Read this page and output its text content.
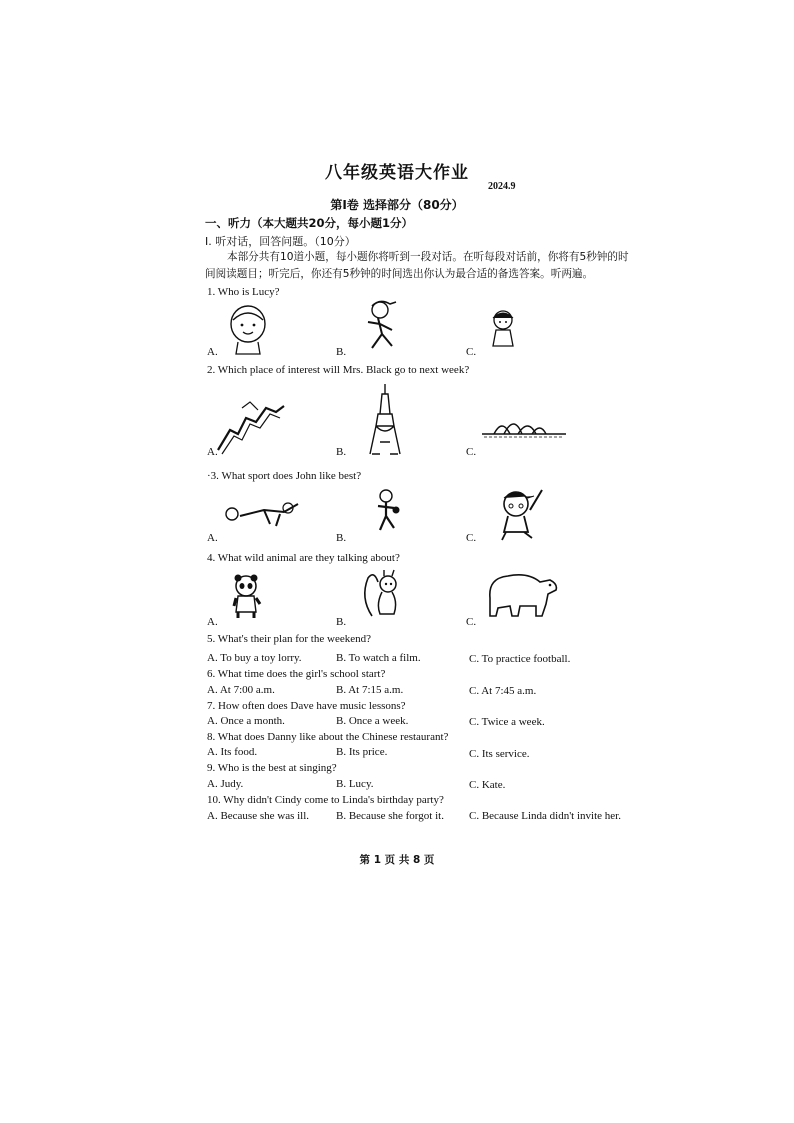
八年级英语大作业
2024.9
第Ⅰ卷 选择部分（80分）
一、听力（本大题共20分，每小题1分）
I. 听对话，回答问题。（10分）
本部分共有10道小题，每小题你将听到一段对话。在听每段对话前，你将有5秒钟的时间阅读题目；听完后，你还有5秒钟的时间选出你认为最合适的备选答案。听两遍。
1. Who is Lucy?
A.	B.	C.
2. Which place of interest will Mrs. Black go to next week?
A.	B.	C.
·3. What sport does John like best?
A.	B.	C.
4. What wild animal are they talking about?
A.	B.	C.
5. What's their plan for the weekend?
A. To buy a toy lorry.	B. To watch a film.	C. To practice football.
6. What time does the girl's school start?
A. At 7:00 a.m.	B. At 7:15 a.m.	C. At 7:45 a.m.
7. How often does Dave have music lessons?
A. Once a month.	B. Once a week.	C. Twice a week.
8. What does Danny like about the Chinese restaurant?
A. Its food.	B. Its price.	C. Its service.
9. Who is the best at singing?
A. Judy.	B. Lucy.	C. Kate.
10. Why didn't Cindy come to Linda's birthday party?
A. Because she was ill. B. Because she forgot it. C. Because Linda didn't invite her.
第 1 页 共 8 页
